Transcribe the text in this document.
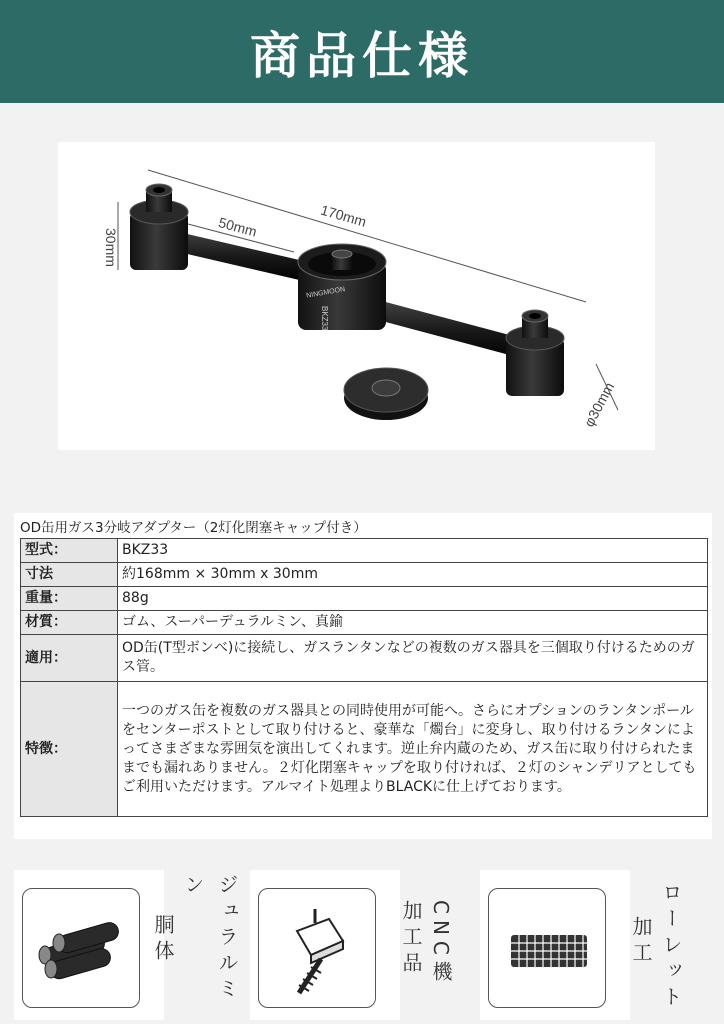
商品仕様
170mm
50mm
30mm
φ30mm
NINGMOON
BKZ33
OD缶用ガス3分岐アダプター（2灯化閉塞キャップ付き）
型式：	BKZ33
寸法	約168mm × 30mm x 30mm
重量：	88g
材質：	ゴム、スーパーデュラルミン、真鍮
適用：	OD缶(T型ボンベ)に接続し、ガスランタンなどの複数のガス器具を三個取り付けるためのガス管。
特徴：	一つのガス缶を複数のガス器具との同時使用が可能へ。さらにオプションのランタンポールをセンターポストとして取り付けると、豪華な「燭台」に変身し、取り付けるランタンによってさまざまな雰囲気を演出してくれます。逆止弁内蔵のため、ガス缶に取り付けられたままでも漏れありません。２灯化閉塞キャップを取り付ければ、２灯のシャンデリアとしてもご利用いただけます。アルマイト処理よりBLACKに仕上げております。
ジュラルミン
胴体	CNC機
加工品	ローレット
加工
